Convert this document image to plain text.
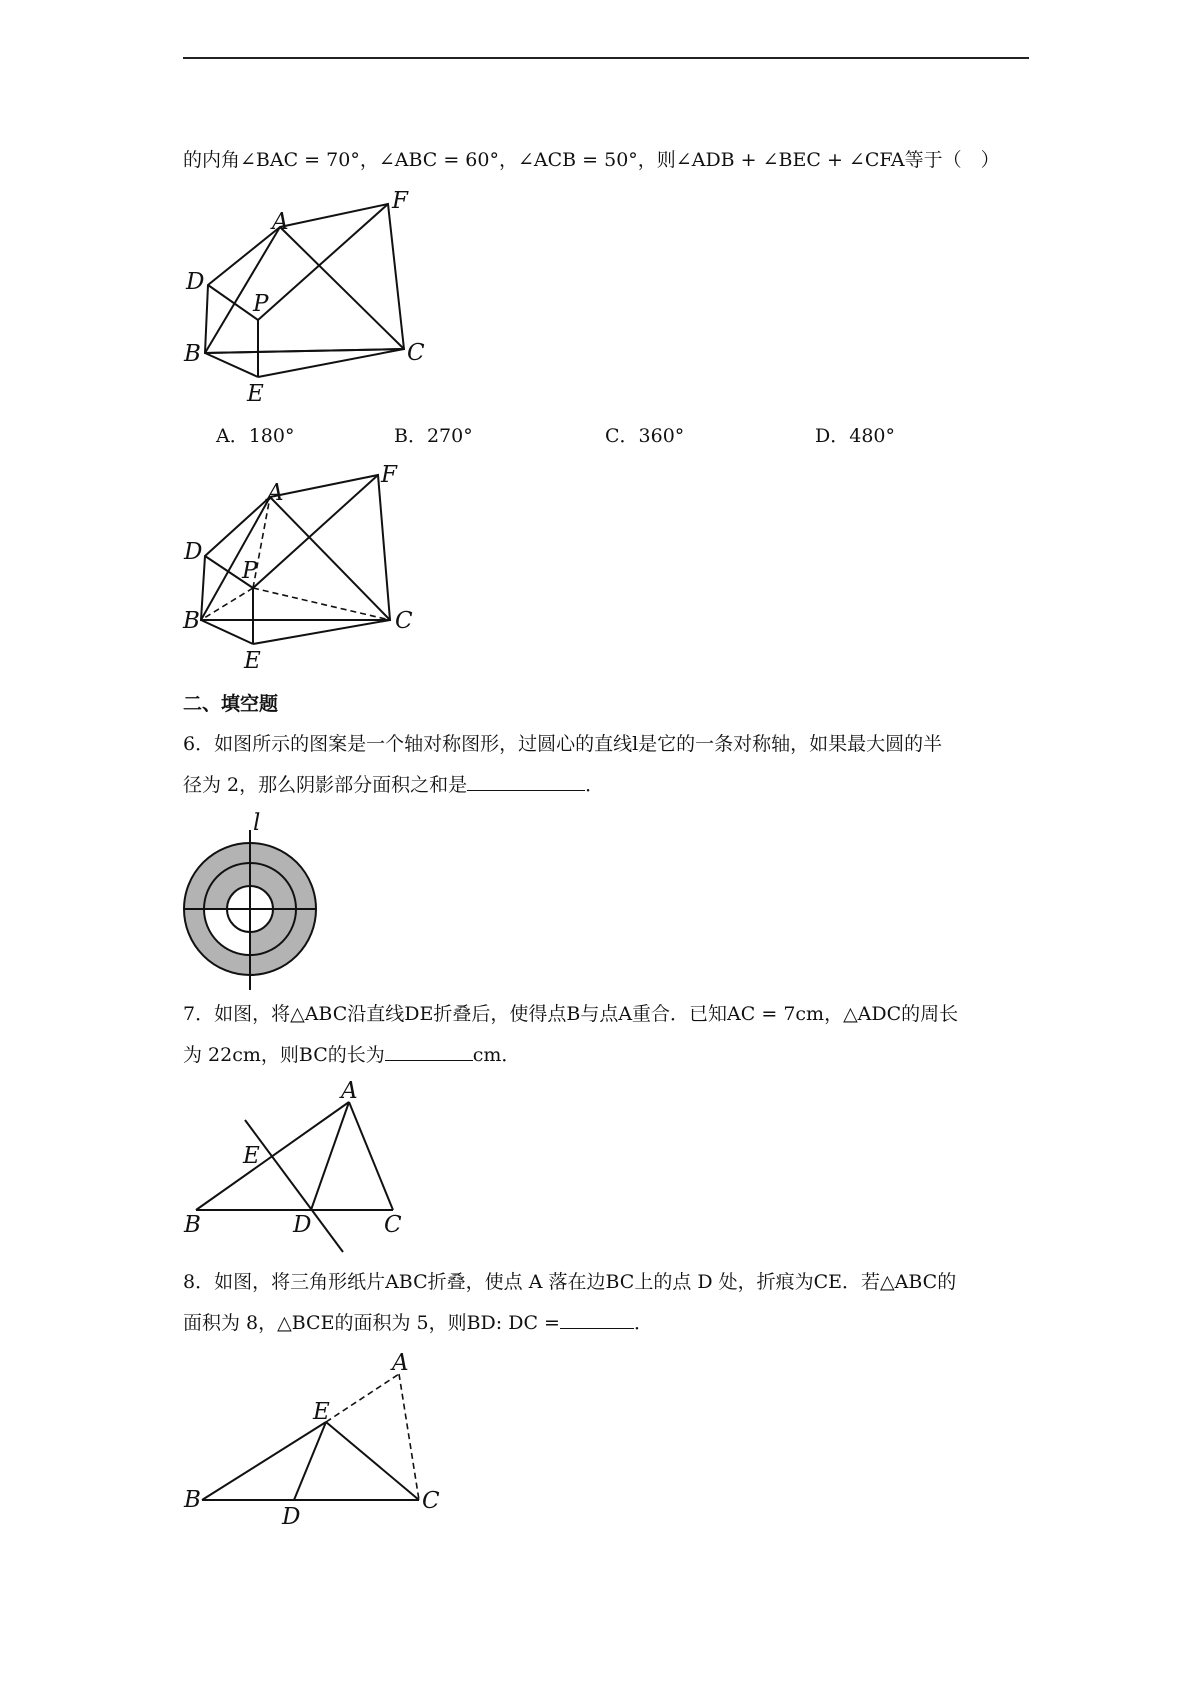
的内角∠BAC = 70°，∠ABC = 60°，∠ACB = 50°，则∠ADB + ∠BEC + ∠CFA等于（　）
A
F
D
P
B	C
E
A．180°	B．270°	C．360°	D．480°
A
F
D
P
B	C
E
二、填空题
6．如图所示的图案是一个轴对称图形，过圆心的直线l是它的一条对称轴，如果最大圆的半
径为 2，那么阴影部分面积之和是	．
l
7．如图，将△ABC沿直线DE折叠后，使得点B与点A重合．已知AC = 7cm，△ADC的周长
为 22cm，则BC的长为	cm．
A
E
B	D	C
8．如图，将三角形纸片ABC折叠，使点 A 落在边BC上的点 D 处，折痕为CE．若△ABC的
面积为 8，△BCE的面积为 5，则BD: DC =	．
A
E
B
D
C
